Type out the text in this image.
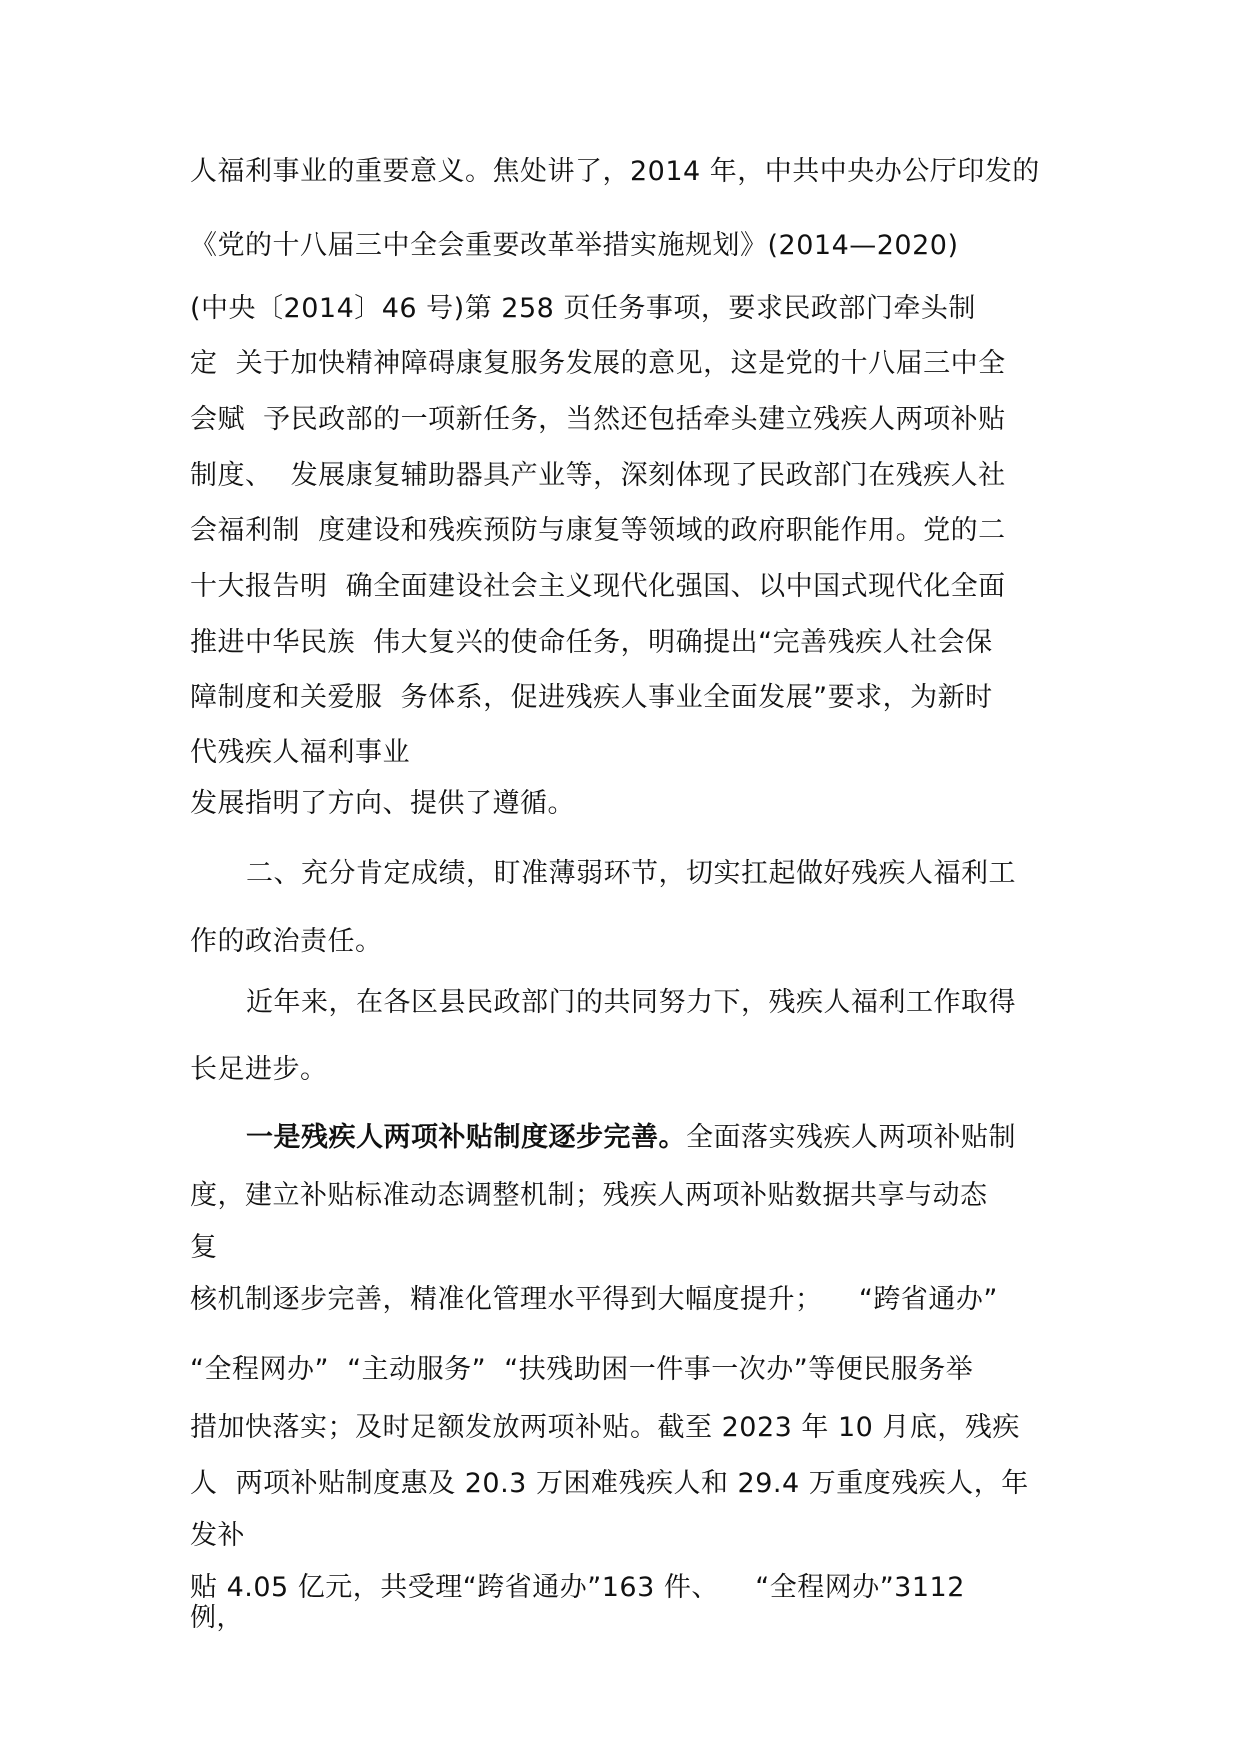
人福利事业的重要意义。焦处讲了，2014 年，中共中央办公厅印发的
《党的十八届三中全会重要改革举措实施规划》(2014—2020)
(中央〔2014〕46 号)第 258 页任务事项，要求民政部门牵头制
定  关于加快精神障碍康复服务发展的意见，这是党的十八届三中全
会赋  予民政部的一项新任务，当然还包括牵头建立残疾人两项补贴
制度、  发展康复辅助器具产业等，深刻体现了民政部门在残疾人社
会福利制  度建设和残疾预防与康复等领域的政府职能作用。党的二
十大报告明  确全面建设社会主义现代化强国、以中国式现代化全面
推进中华民族  伟大复兴的使命任务，明确提出“完善残疾人社会保
障制度和关爱服  务体系，促进残疾人事业全面发展”要求，为新时
代残疾人福利事业
发展指明了方向、提供了遵循。
二、充分肯定成绩，盯准薄弱环节，切实扛起做好残疾人福利工
作的政治责任。
近年来，在各区县民政部门的共同努力下，残疾人福利工作取得
长足进步。
一是残疾人两项补贴制度逐步完善。全面落实残疾人两项补贴制
度，建立补贴标准动态调整机制；残疾人两项补贴数据共享与动态
复
核机制逐步完善，精准化管理水平得到大幅度提升；    “跨省通办”
“全程网办”  “主动服务”  “扶残助困一件事一次办”等便民服务举
措加快落实；及时足额发放两项补贴。截至 2023 年 10 月底，残疾
人  两项补贴制度惠及 20.3 万困难残疾人和 29.4 万重度残疾人，年
发补
贴 4.05 亿元，共受理“跨省通办”163 件、    “全程网办”3112
例，
